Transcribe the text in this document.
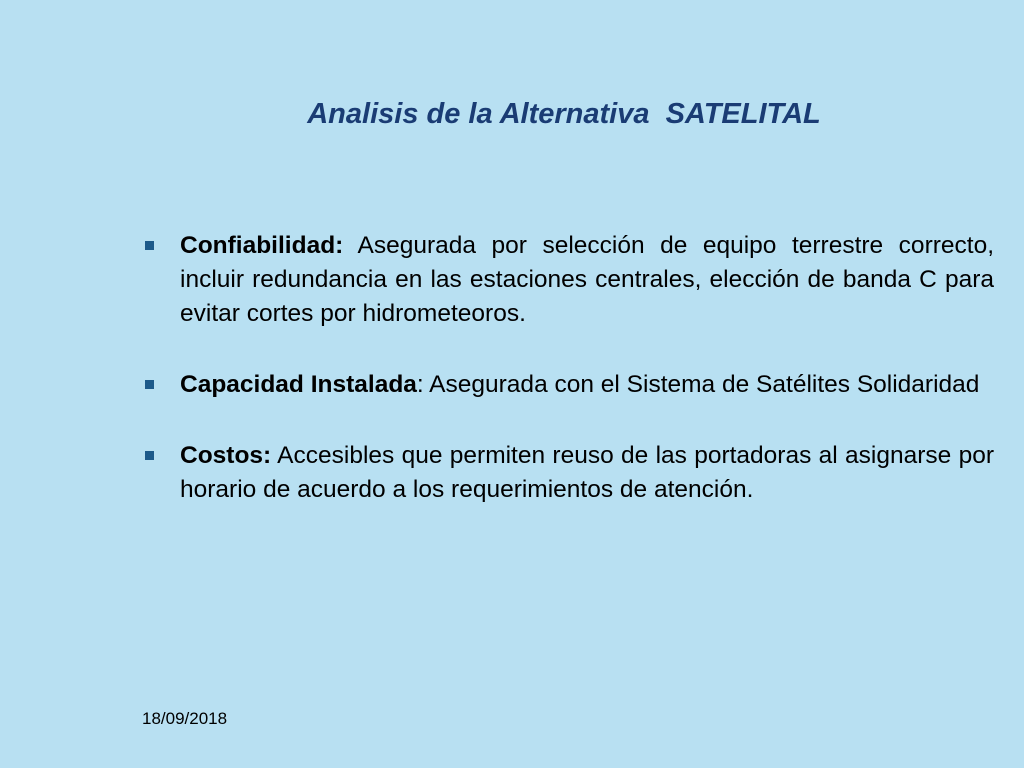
Analisis de la Alternativa  SATELITAL
Confiabilidad: Asegurada por selección de equipo terrestre correcto, incluir redundancia en las estaciones centrales, elección de banda C para evitar cortes por hidrometeoros.
Capacidad Instalada: Asegurada con el Sistema de Satélites Solidaridad
Costos: Accesibles que permiten reuso de las portadoras al asignarse por horario de acuerdo a los requerimientos de atención.
18/09/2018
